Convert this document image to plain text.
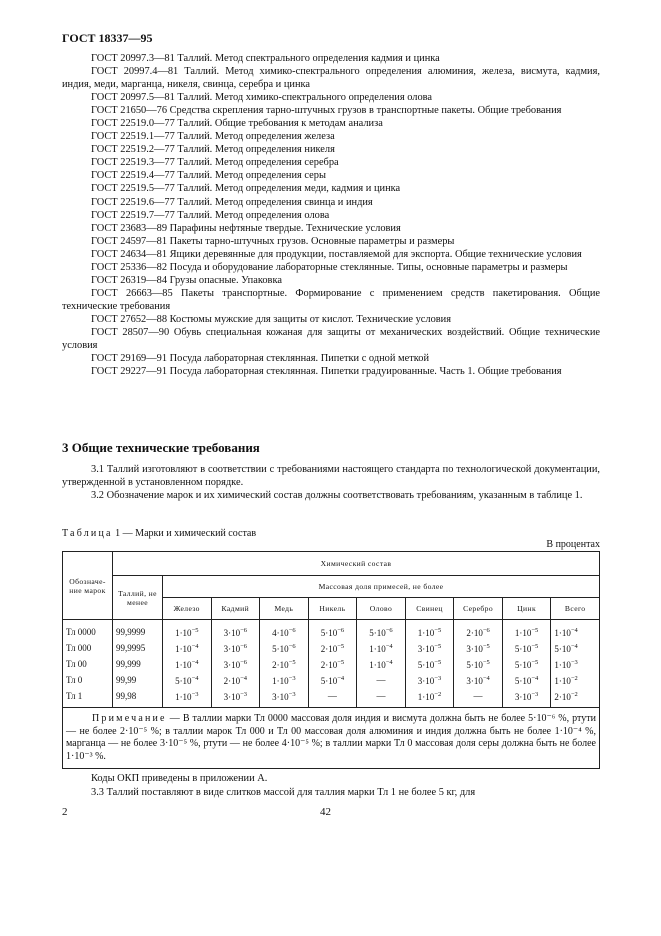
ГОСТ 18337—95

ГОСТ 20997.3—81 Таллий. Метод спектрального определения кадмия и цинка

ГОСТ 20997.4—81 Таллий. Метод химико-спектрального определения алюминия, железа, висмута, кадмия, индия, меди, марганца, никеля, свинца, серебра и цинка

ГОСТ 20997.5—81 Таллий. Метод химико-спектрального определения олова

ГОСТ 21650—76 Средства скрепления тарно-штучных грузов в транспортные пакеты. Общие требования

ГОСТ 22519.0—77 Таллий. Общие требования к методам анализа

ГОСТ 22519.1—77 Таллий. Метод определения железа

ГОСТ 22519.2—77 Таллий. Метод определения никеля

ГОСТ 22519.3—77 Таллий. Метод определения серебра

ГОСТ 22519.4—77 Таллий. Метод определения серы

ГОСТ 22519.5—77 Таллий. Метод определения меди, кадмия и цинка

ГОСТ 22519.6—77 Таллий. Метод определения свинца и индия

ГОСТ 22519.7—77 Таллий. Метод определения олова

ГОСТ 23683—89 Парафины нефтяные твердые. Технические условия

ГОСТ 24597—81 Пакеты тарно-штучных грузов. Основные параметры и размеры

ГОСТ 24634—81 Ящики деревянные для продукции, поставляемой для экспорта. Общие технические условия

ГОСТ 25336—82 Посуда и оборудование лабораторные стеклянные. Типы, основные параметры и размеры

ГОСТ 26319—84 Грузы опасные. Упаковка

ГОСТ 26663—85 Пакеты транспортные. Формирование с применением средств пакетирования. Общие технические требования

ГОСТ 27652—88 Костюмы мужские для защиты от кислот. Технические условия

ГОСТ 28507—90 Обувь специальная кожаная для защиты от механических воздействий. Общие технические условия

ГОСТ 29169—91 Посуда лабораторная стеклянная. Пипетки с одной меткой

ГОСТ 29227—91 Посуда лабораторная стеклянная. Пипетки градуированные. Часть 1. Общие требования

3 Общие технические требования

3.1 Таллий изготовляют в соответствии с требованиями настоящего стандарта по технологической документации, утвержденной в установленном порядке.

3.2 Обозначение марок и их химический состав должны соответствовать требованиям, указанным в таблице 1.

Таблица 1 — Марки и химический состав
В процентах
Обозначе-ние марок	Химический состав									
	Таллий, не менее	Массовая доля примесей, не более								
		Железо	Кадмий	Медь	Никель	Олово	Свинец	Серебро	Цинк	Всего
Тл 0000	99,9999	$1\cdot 10^{-5}$	$3\cdot 10^{-6}$	$4\cdot 10^{-6}$	$5\cdot 10^{-6}$	$5\cdot 10^{-6}$	$1\cdot 10^{-5}$	$2\cdot 10^{-6}$	$1\cdot 10^{-5}$	$1\cdot 10^{-4}$
Тл 000	99,9995	$1\cdot 10^{-4}$	$3\cdot 10^{-6}$	$5\cdot 10^{-6}$	$2\cdot 10^{-5}$	$1\cdot 10^{-4}$	$3\cdot 10^{-5}$	$3\cdot 10^{-5}$	$5\cdot 10^{-5}$	$5\cdot 10^{-4}$
Тл 00	99,999	$1\cdot 10^{-4}$	$3\cdot 10^{-6}$	$2\cdot 10^{-5}$	$2\cdot 10^{-5}$	$1\cdot 10^{-4}$	$5\cdot 10^{-5}$	$5\cdot 10^{-5}$	$5\cdot 10^{-5}$	$1\cdot 10^{-3}$
Тл 0	99,99	$5\cdot 10^{-4}$	$2\cdot 10^{-4}$	$1\cdot 10^{-3}$	$5\cdot 10^{-4}$	—	$3\cdot 10^{-3}$	$3\cdot 10^{-4}$	$5\cdot 10^{-4}$	$1\cdot 10^{-2}$
Тл 1	99,98	$1\cdot 10^{-3}$	$3\cdot 10^{-3}$	$3\cdot 10^{-3}$	—	—	$1\cdot 10^{-2}$	—	$3\cdot 10^{-3}$	$2\cdot 10^{-2}$
Примечание — В таллии марки Тл 0000 массовая доля индия и висмута должна быть не более 5·10⁻⁶ %, ртути — не более 2·10⁻⁵ %; в таллии марок Тл 000 и Тл 00 массовая доля алюминия и индия должна быть не более 1·10⁻⁴ %, марганца — не более 3·10⁻⁵ %, ртути — не более 4·10⁻⁵ %; в таллии марки Тл 0 массовая доля серы должна быть не более 1·10⁻³ %.										

Коды ОКП приведены в приложении А.

3.3 Таллий поставляют в виде слитков массой для таллия марки Тл 1 не более 5 кг, для

2	42
